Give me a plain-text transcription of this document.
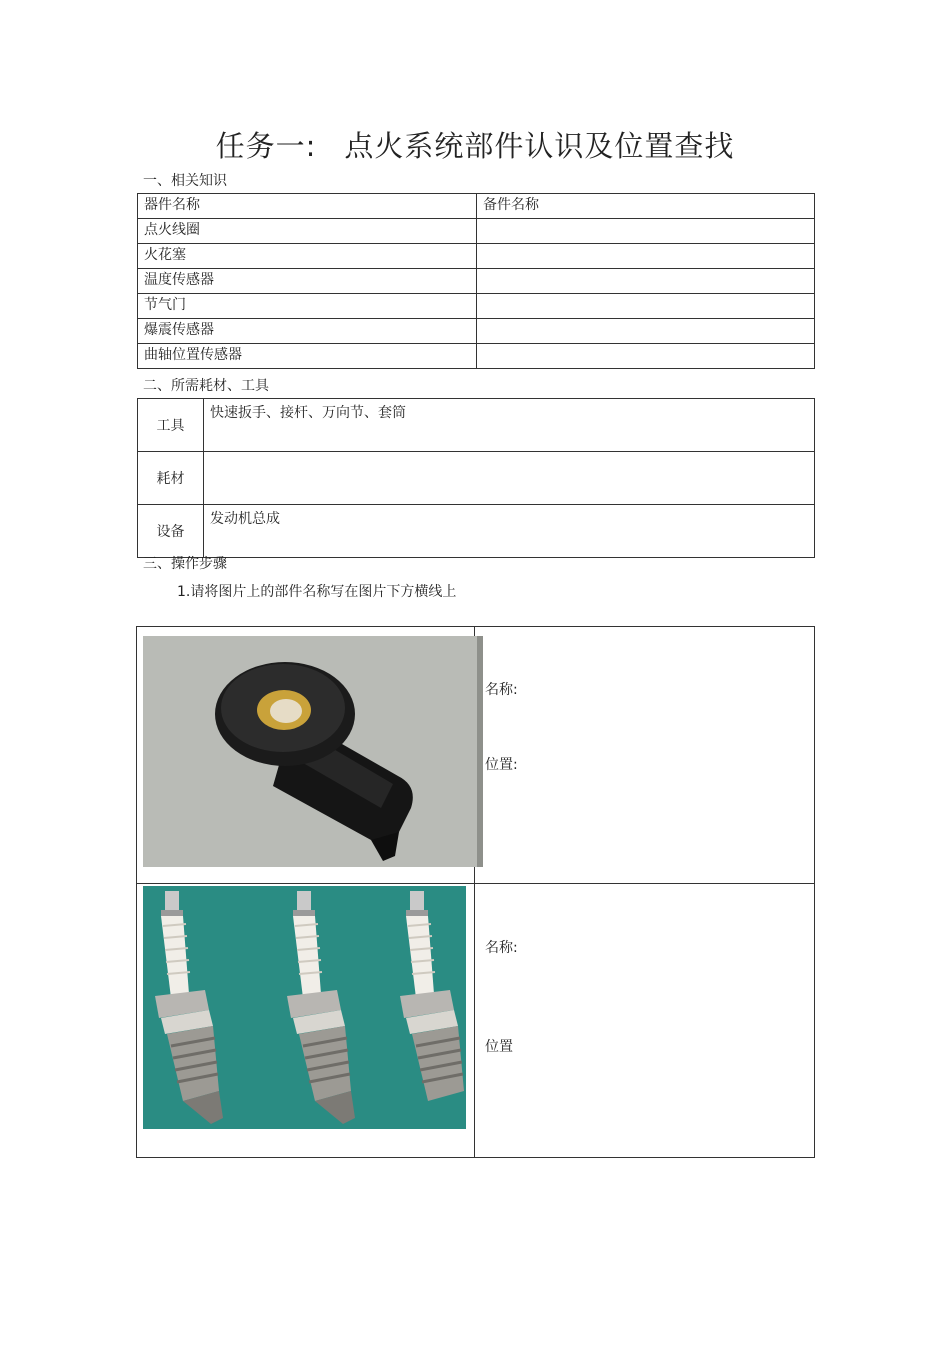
任务一: 点火系统部件认识及位置查找
一、相关知识
器件名称	备件名称
点火线圈	
火花塞	
温度传感器	
节气门	
爆震传感器	
曲轴位置传感器	
二、所需耗材、工具
工具	快速扳手、接杆、万向节、套筒
耗材	
设备	发动机总成
三、操作步骤
1.请将图片上的部件名称写在图片下方横线上

名称:
位置:

名称:
位置
